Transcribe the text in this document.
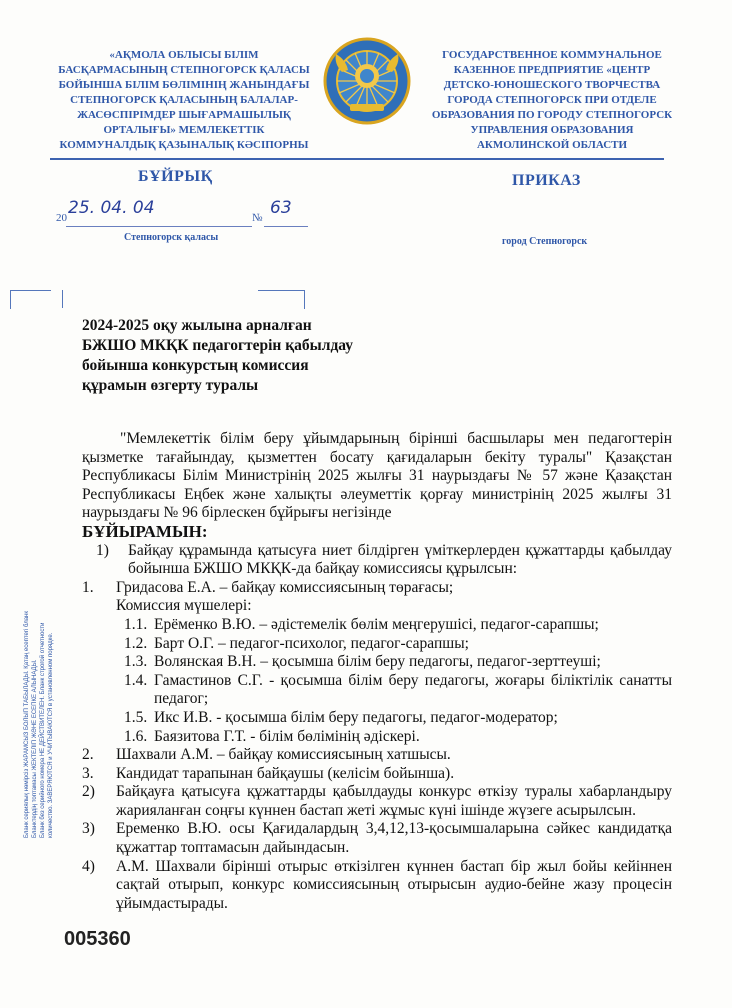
«АҚМОЛА ОБЛЫСЫ БІЛІМ
БАСҚАРМАСЫНЫҢ СТЕПНОГОРСК ҚАЛАСЫ
БОЙЫНША БІЛІМ БӨЛІМІНІҢ ЖАНЫНДАҒЫ
СТЕПНОГОРСК ҚАЛАСЫНЫҢ БАЛАЛАР-
ЖАСӨСПІРІМДЕР ШЫҒАРМАШЫЛЫҚ
ОРТАЛЫҒЫ» МЕМЛЕКЕТТІК
КОММУНАЛДЫҚ ҚАЗЫНАЛЫҚ КӘСІПОРНЫ
ГОСУДАРСТВЕННОЕ КОММУНАЛЬНОЕ
КАЗЕННОЕ ПРЕДПРИЯТИЕ «ЦЕНТР
ДЕТСКО-ЮНОШЕСКОГО ТВОРЧЕСТВА
ГОРОДА СТЕПНОГОРСК ПРИ ОТДЕЛЕ
ОБРАЗОВАНИЯ ПО ГОРОДУ СТЕПНОГОРСК
УПРАВЛЕНИЯ ОБРАЗОВАНИЯ
АКМОЛИНСКОЙ ОБЛАСТИ
БҰЙРЫҚ	ПРИКАЗ
20 25. 04. 04	№ 63
Степногорск қаласы	город Степногорск
2024-2025 оқу жылына арналған
БЖШО МКҚК педагогтерін қабылдау
бойынша конкурстың комиссия
құрамын өзгерту туралы
Бланк сериялық нөмірсіз ЖАРАМСЫЗ БОЛЫП ТАБЫЛАДЫ. Қатаң есептегі бланк Бланктердің топтамасы ЖЕКТЕЛІП ЖӘНЕ ЕСЕПКЕ АЛЫНАДЫ. Бланк без серийного номера НЕ ДЕЙСТВИТЕЛЕН. Бланк строгой отчетности количество. ЗАВЕРЯЮТСЯ и УЧИТЫВАЮТСЯ в установленном порядке.
"Мемлекеттік білім беру ұйымдарының бірінші басшылары мен педагогтерін қызметке тағайындау, қызметтен босату қағидаларын бекіту туралы" Қазақстан Республикасы Білім Министрінің 2025 жылғы 31 наурыздағы № 57 және Қазақстан Республикасы Еңбек және халықты әлеуметтік қорғау министрінің 2025 жылғы 31 наурыздағы № 96 бірлескен бұйрығы негізінде
БҰЙЫРАМЫН:
1) Байқау құрамында қатысуға ниет білдірген үміткерлерден құжаттарды қабылдау бойынша БЖШО МКҚК-да байқау комиссиясы құрылсын:
1. Гридасова Е.А. – байқау комиссиясының төрағасы;
Комиссия мүшелері:
1.1. Ерёменко В.Ю. – әдістемелік бөлім меңгерушісі, педагог-сарапшы;
1.2. Барт О.Г. – педагог-психолог, педагог-сарапшы;
1.3. Волянская В.Н. – қосымша білім беру педагогы, педагог-зерттеуші;
1.4. Гамастинов С.Г. - қосымша білім беру педагогы, жоғары біліктілік санатты педагог;
1.5. Икс И.В. - қосымша білім беру педагогы, педагог-модератор;
1.6. Баязитова Г.Т. - білім бөлімінің әдіскері.
2. Шахвали А.М. – байқау комиссиясының хатшысы.
3. Кандидат тарапынан байқаушы (келісім бойынша).
2) Байқауға қатысуға құжаттарды қабылдауды конкурс өткізу туралы хабарландыру жарияланған соңғы күннен бастап жеті жұмыс күні ішінде жүзеге асырылсын.
3) Еременко В.Ю. осы Қағидалардың 3,4,12,13-қосымшаларына сәйкес кандидатқа құжаттар топтамасын дайындасын.
4) А.М. Шахвали бірінші отырыс өткізілген күннен бастап бір жыл бойы кейіннен сақтай отырып, конкурс комиссиясының отырысын аудио-бейне жазу процесін ұйымдастырады.
005360
